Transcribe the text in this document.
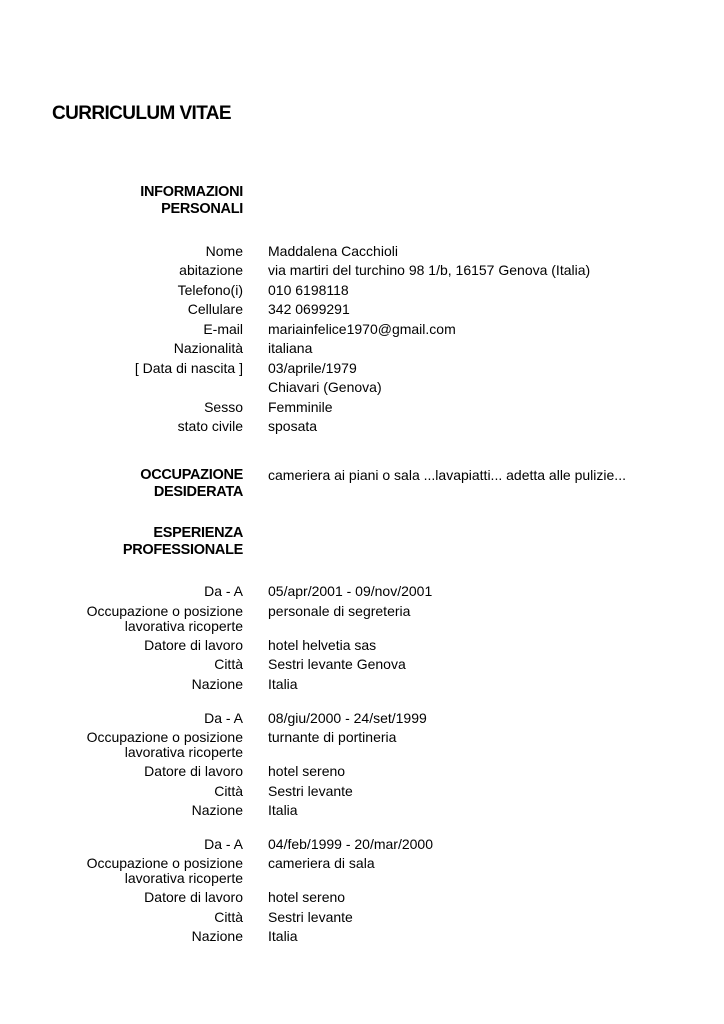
CURRICULUM VITAE
INFORMAZIONI
PERSONALI
Nome Maddalena Cacchioli
abitazione via martiri del turchino 98 1/b, 16157 Genova (Italia)
Telefono(i) 010 6198118
Cellulare 342 0699291
E-mail mariainfelice1970@gmail.com
Nazionalità italiana
[ Data di nascita ] 03/aprile/1979
Chiavari (Genova)
Sesso Femminile
stato civile sposata
OCCUPAZIONE
DESIDERATA
cameriera ai piani o sala ...lavapiatti... adetta alle pulizie...
ESPERIENZA
PROFESSIONALE
Da - A 05/apr/2001 - 09/nov/2001
personale di segreteria
Occupazione o posizione
lavorativa ricoperte
Datore di lavoro hotel helvetia sas
Città Sestri levante Genova
Nazione Italia
Da - A 08/giu/2000 - 24/set/1999
turnante di portineria
Occupazione o posizione
lavorativa ricoperte
Datore di lavoro hotel sereno
Città Sestri levante
Nazione Italia
Da - A 04/feb/1999 - 20/mar/2000
cameriera di sala
Occupazione o posizione
lavorativa ricoperte
Datore di lavoro hotel sereno
Città Sestri levante
Nazione Italia
